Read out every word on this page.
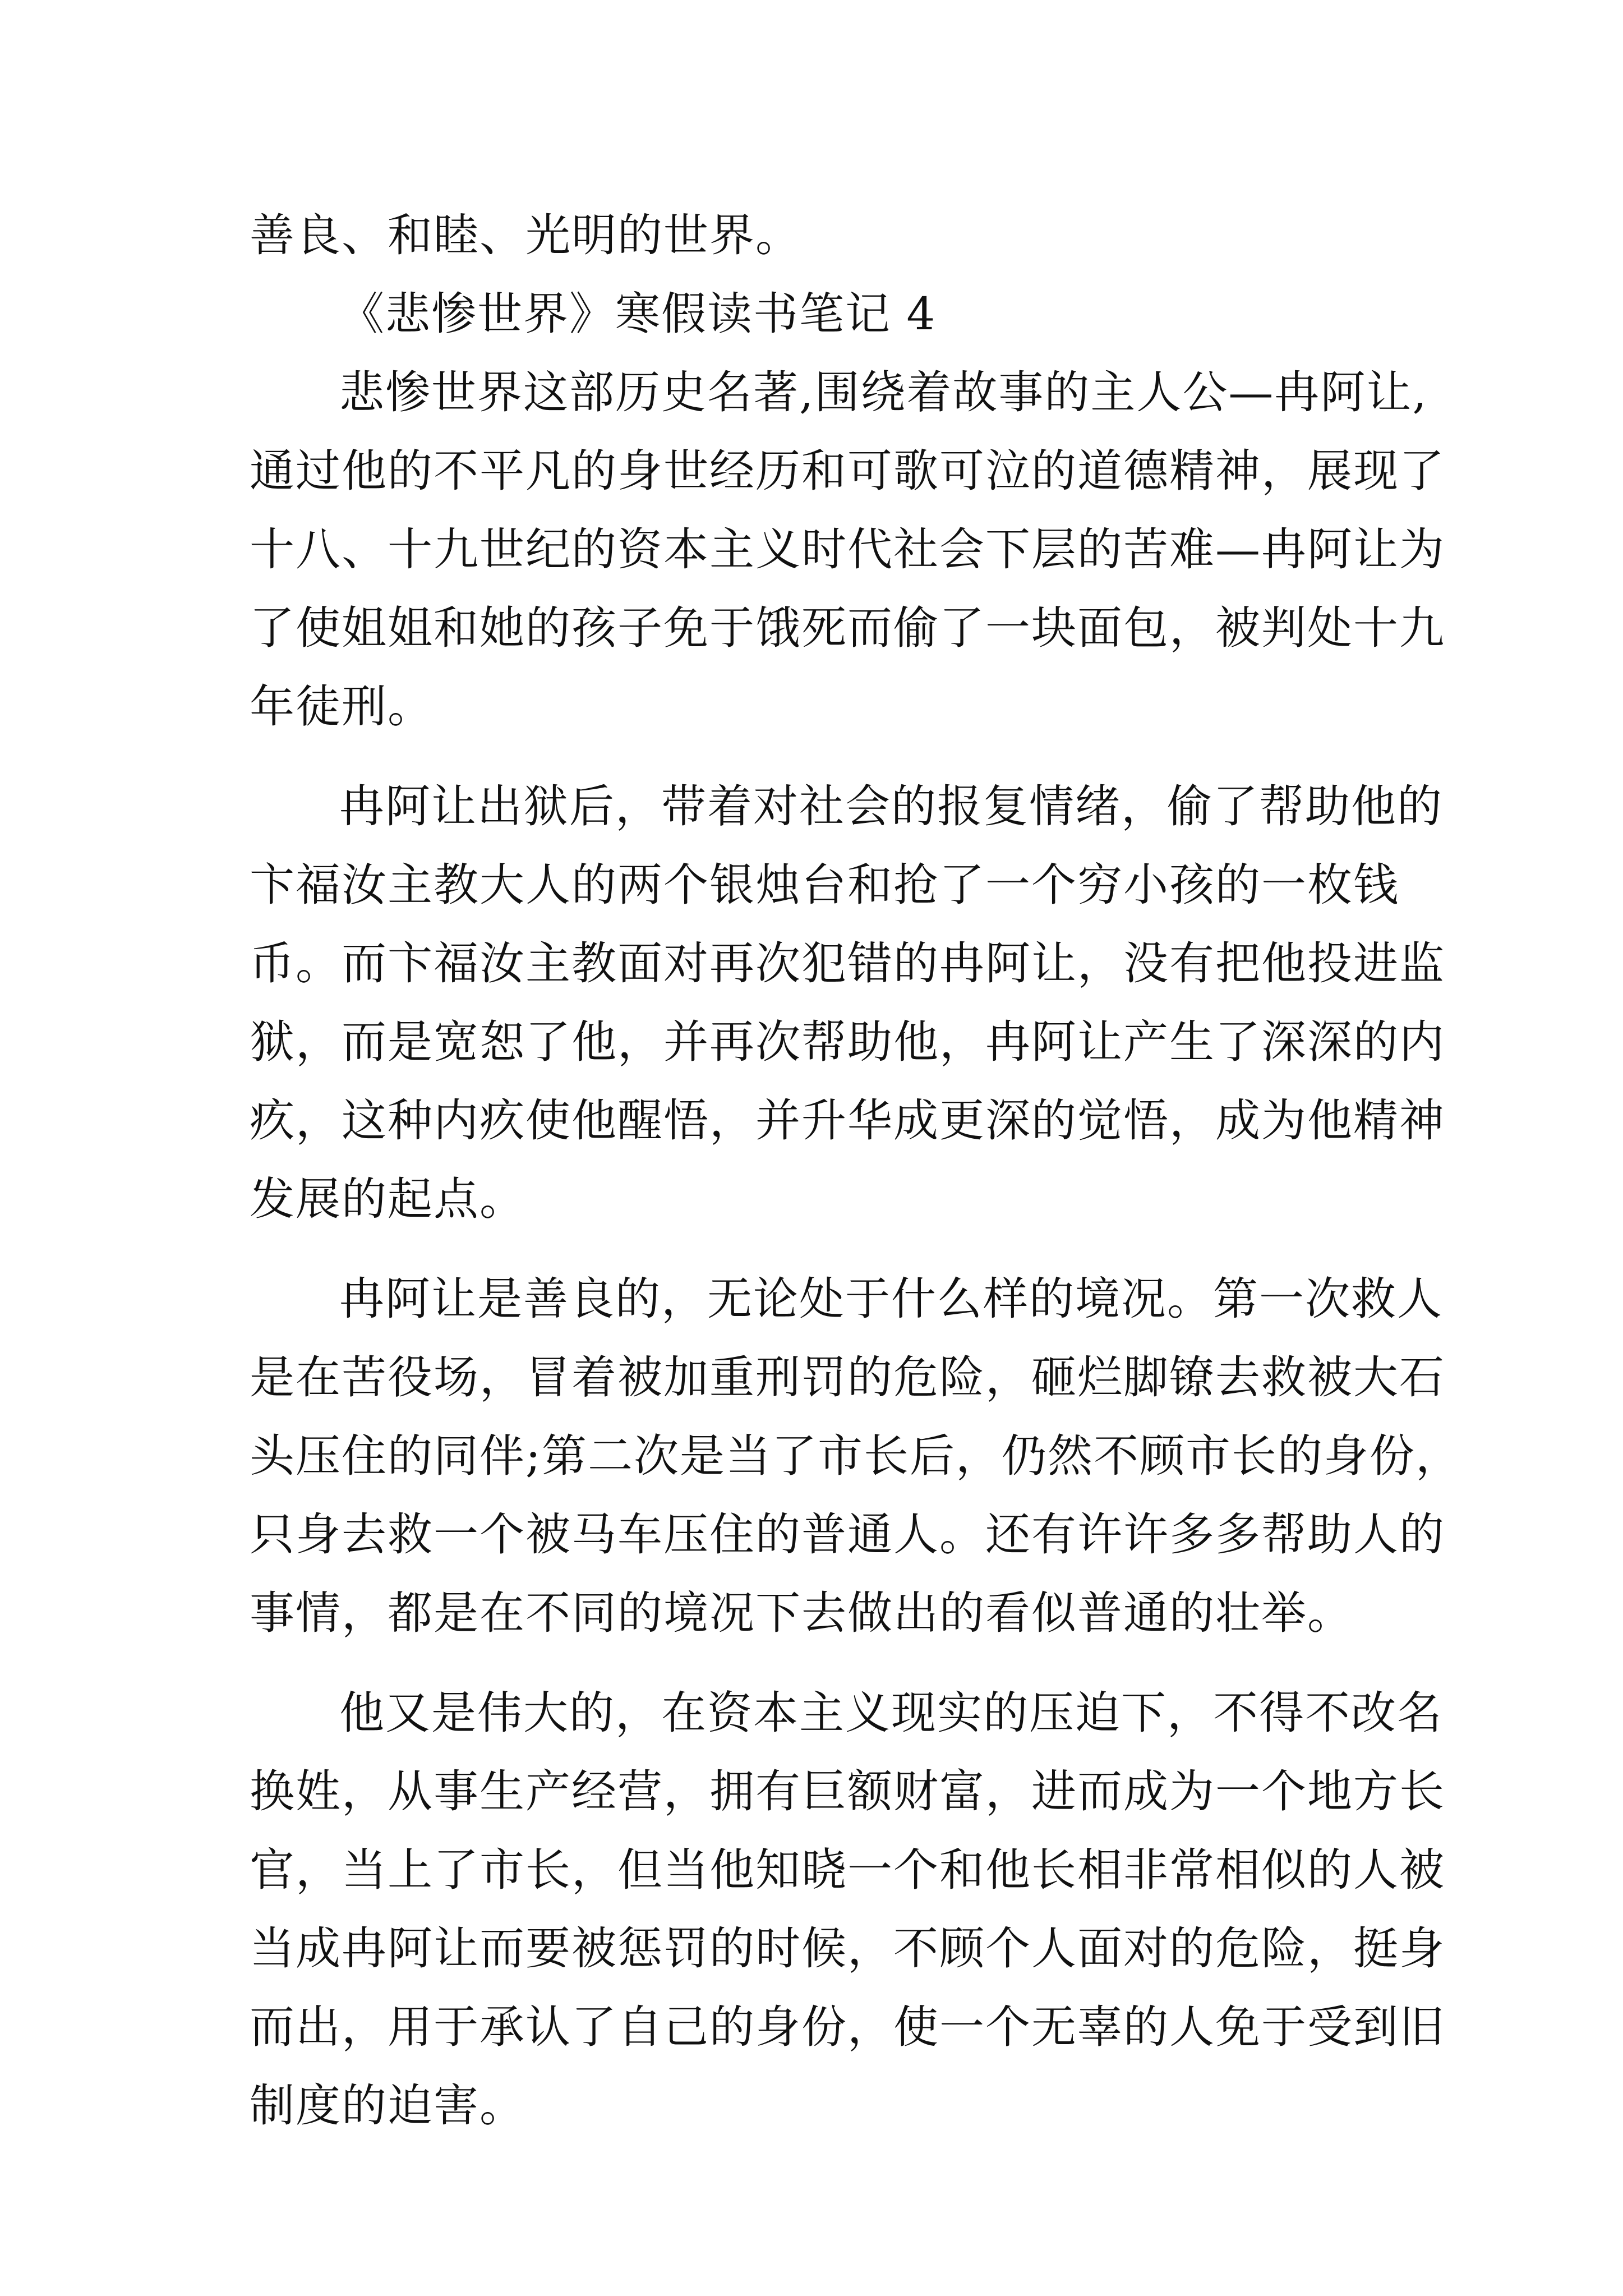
善良、和睦、光明的世界。
《悲惨世界》寒假读书笔记 4
悲惨世界这部历史名著,围绕着故事的主人公—冉阿让,
通过他的不平凡的身世经历和可歌可泣的道德精神，展现了
十八、十九世纪的资本主义时代社会下层的苦难—冉阿让为
了使姐姐和她的孩子免于饿死而偷了一块面包，被判处十九
年徒刑。
冉阿让出狱后，带着对社会的报复情绪，偷了帮助他的
卞福汝主教大人的两个银烛台和抢了一个穷小孩的一枚钱
币。而卞福汝主教面对再次犯错的冉阿让，没有把他投进监
狱，而是宽恕了他，并再次帮助他，冉阿让产生了深深的内
疚，这种内疚使他醒悟，并升华成更深的觉悟，成为他精神
发展的起点。
冉阿让是善良的，无论处于什么样的境况。第一次救人
是在苦役场，冒着被加重刑罚的危险，砸烂脚镣去救被大石
头压住的同伴;第二次是当了市长后，仍然不顾市长的身份，
只身去救一个被马车压住的普通人。还有许许多多帮助人的
事情，都是在不同的境况下去做出的看似普通的壮举。
他又是伟大的，在资本主义现实的压迫下，不得不改名
换姓，从事生产经营，拥有巨额财富，进而成为一个地方长
官，当上了市长，但当他知晓一个和他长相非常相似的人被
当成冉阿让而要被惩罚的时候，不顾个人面对的危险，挺身
而出，用于承认了自己的身份，使一个无辜的人免于受到旧
制度的迫害。
